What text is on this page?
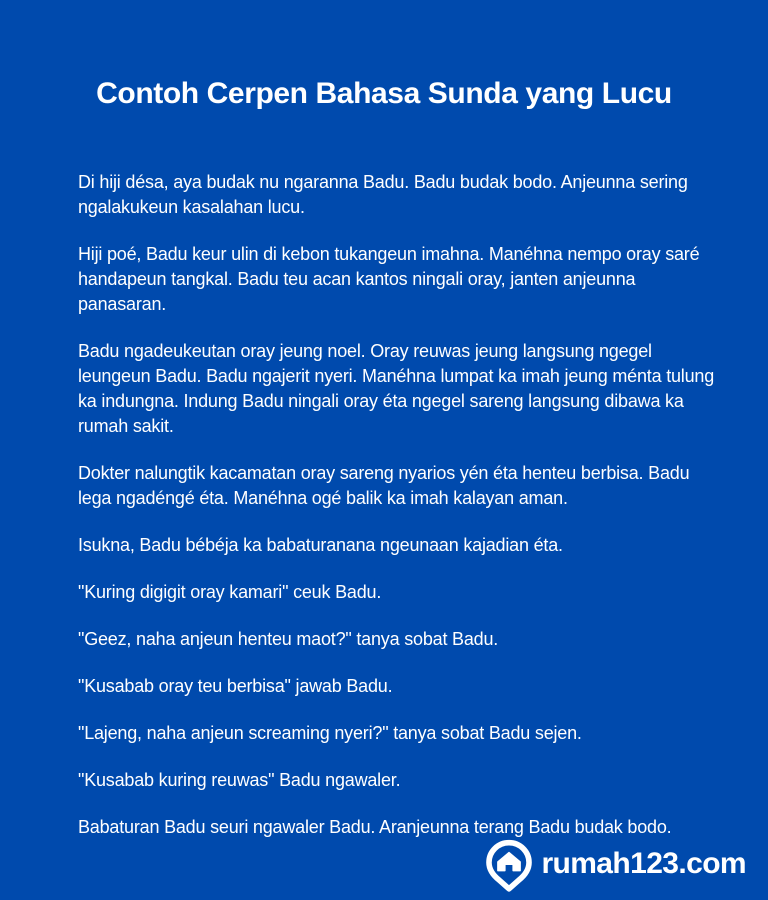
Contoh Cerpen Bahasa Sunda yang Lucu

Di hiji désa, aya budak nu ngaranna Badu. Badu budak bodo. Anjeunna sering ngalakukeun kasalahan lucu.

Hiji poé, Badu keur ulin di kebon tukangeun imahna. Manéhna nempo oray saré handapeun tangkal. Badu teu acan kantos ningali oray, janten anjeunna panasaran.

Badu ngadeukeutan oray jeung noel. Oray reuwas jeung langsung ngegel leungeun Badu. Badu ngajerit nyeri. Manéhna lumpat ka imah jeung ménta tulung ka indungna. Indung Badu ningali oray éta ngegel sareng langsung dibawa ka rumah sakit.

Dokter nalungtik kacamatan oray sareng nyarios yén éta henteu berbisa. Badu lega ngadéngé éta. Manéhna ogé balik ka imah kalayan aman.

Isukna, Badu bébéja ka babaturanana ngeunaan kajadian éta.

"Kuring digigit oray kamari" ceuk Badu.

"Geez, naha anjeun henteu maot?" tanya sobat Badu.

"Kusabab oray teu berbisa" jawab Badu.

"Lajeng, naha anjeun screaming nyeri?" tanya sobat Badu sejen.

"Kusabab kuring reuwas" Badu ngawaler.

Babaturan Badu seuri ngawaler Badu. Aranjeunna terang Badu budak bodo.

rumah123.com
